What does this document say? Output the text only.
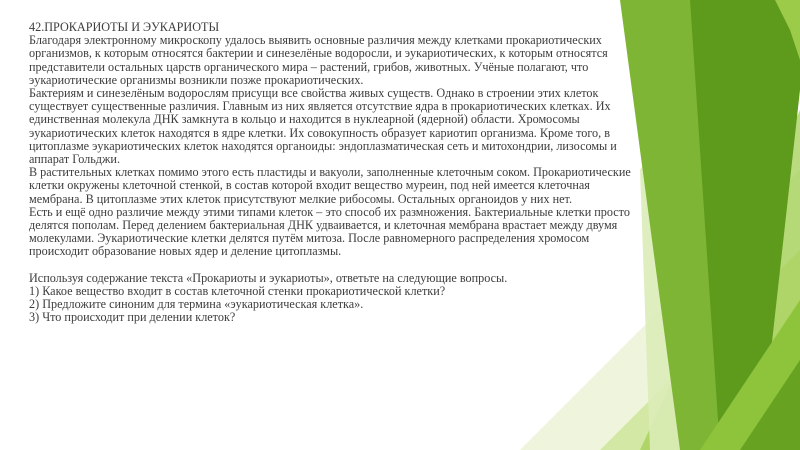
42.ПРОКАРИОТЫ И ЭУКАРИОТЫ

Благодаря электронному микроскопу удалось выявить основные различия между клетками прокариотических организмов, к которым относятся бактерии и синезелёные водоросли, и эукариотических, к которым относятся представители остальных царств органического мира – растений, грибов, животных. Учёные полагают, что эукариотические организмы возникли позже прокариотических.

Бактериям и синезелёным водорослям присущи все свойства живых существ. Однако в строении этих клеток существует существенные различия. Главным из них является отсутствие ядра в прокариотических клетках. Их единственная молекула ДНК замкнута в кольцо и находится в нуклеарной (ядерной) области. Хромосомы эукариотических клеток находятся в ядре клетки. Их совокупность образует кариотип организма. Кроме того, в цитоплазме эукариотических клеток находятся органоиды: эндоплазматическая сеть и митохондрии, лизосомы и аппарат Гольджи.

В растительных клетках помимо этого есть пластиды и вакуоли, заполненные клеточным соком. Прокариотические клетки окружены клеточной стенкой, в состав которой входит вещество муреин, под ней имеется клеточная мембрана. В цитоплазме этих клеток присутствуют мелкие рибосомы. Остальных органоидов у них нет.

Есть и ещё одно различие между этими типами клеток – это способ их размножения. Бактериальные клетки просто делятся пополам. Перед делением бактериальная ДНК удваивается, и клеточная мембрана врастает между двумя молекулами. Эукариотические клетки делятся путём митоза. После равномерного распределения хромосом происходит образование новых ядер и деление цитоплазмы.

Используя содержание текста «Прокариоты и эукариоты», ответьте на следующие вопросы.

1) Какое вещество входит в состав клеточной стенки прокариотической клетки?

2) Предложите синоним для термина «эукариотическая клетка».

3) Что происходит при делении клеток?
